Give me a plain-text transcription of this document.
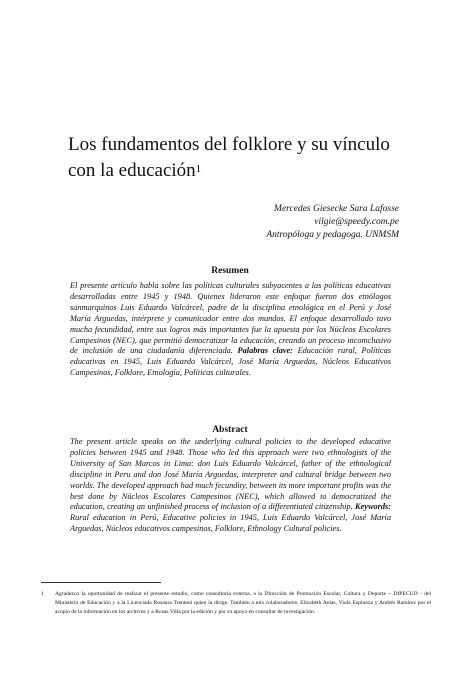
Los fundamentos del folklore y su vínculo con la educación$^1$
Mercedes Giesecke Sara Lafosse
vilgie@speedy.com.pe
Antropóloga y pedagoga. UNMSM
Resumen

El presente artículo habla sobre las políticas culturales subyacentes a las políticas educativas desarrolladas entre 1945 y 1948. Quienes lideraron este enfoque fueron dos etnólogos sanmarquinos Luis Eduardo Valcárcel, padre de la disciplina etnológica en el Perú y José María Arguedas, intérprete y comunicador entre dos mundos. El enfoque desarrollado tuvo mucha fecundidad, entre sus logros más importantes fue la apuesta por los Núcleos Escolares Campesinos (NEC), que permitió democratizar la educación, creando un proceso incomclusivo de inclusión de una ciudadanía diferenciada. Palabras clave: Educación rural, Políticas educativas en 1945, Luis Eduardo Valcárcel, José María Arguedas, Núcleos Educativos Campesinos, Folklore, Etnología, Políticas culturales.

Abstract

The present article speaks on the underlying cultural policies to the developed educative policies between 1945 and 1948. Those who led this approach were two ethnologists of the University of San Marcos in Lima: don Luis Eduardo Valcárcel, father of the ethnological discipline in Peru and don José María Arguedas, interpreter and cultural bridge between two worlds. The developed approach had much fecundity, between its more important profits was the best done by Núcleos Escolares Campesinos (NEC), which allowed to democratized the education, creating an unfinished process of inclusion of a differentiated citizenship. Keywords: Rural education in Perú, Educative policies in 1945, Luis Eduardo Valcárcel, José María Arguedas, Núcleos educativos campesinos, Folklore, Ethnology Cultural policies.

1 Agradezco la oportunidad de realizar el presente estudio, como consultoría externa, a la Dirección de Promoción Escolar, Cultura y Deporte – DIPECUD - del Ministerio de Educación y a la Licenciada Rosaura Trenteni quien la dirige. También a mis colaboradores: Elizabeth Aelas, Viola Espinoza y Andrés Ramírez por el acopio de la información en los archivos y a Rosas Villa por la edición y por su apoyo en consultar de investigación.
